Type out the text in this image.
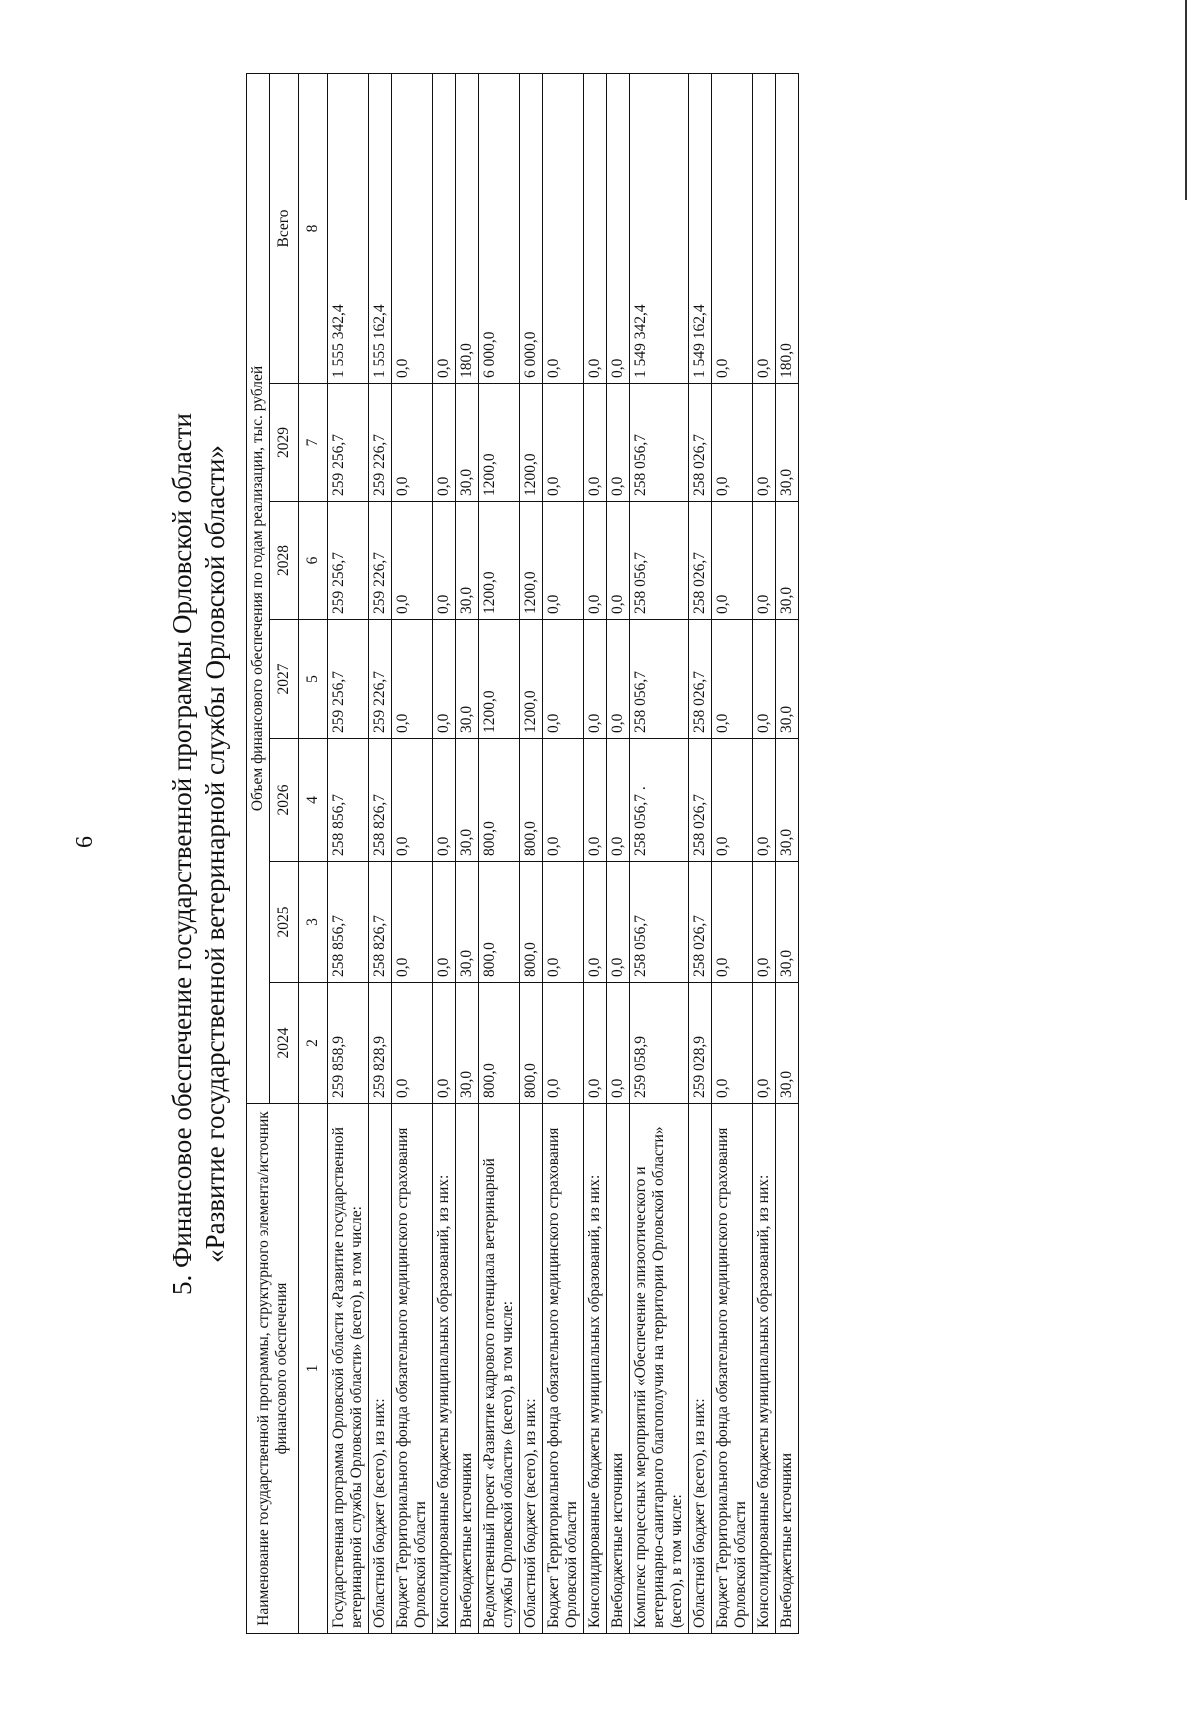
6	5. Финансовое обеспечение государственной программы Орловской области «Развитие государственной ветеринарной службы Орловской области»
Наименование государственной программы, структурного элемента/источник финансового обеспечения	Объем финансового обеспечения по годам реализации, тыс. рублей						
	2024	2025	2026	2027	2028	2029	Всего
1	2	3	4	5	6	7	8
Государственная программа Орловской области «Развитие государственной ветеринарной службы Орловской области» (всего), в том числе:	259 858,9	258 856,7	258 856,7	259 256,7	259 256,7	259 256,7	1 555 342,4
Областной бюджет (всего), из них:	259 828,9	258 826,7	258 826,7	259 226,7	259 226,7	259 226,7	1 555 162,4
Бюджет Территориального фонда обязательного медицинского страхования Орловской области	0,0	0,0	0,0	0,0	0,0	0,0	0,0
Консолидированные бюджеты муниципальных образований, из них:	0,0	0,0	0,0	0,0	0,0	0,0	0,0
Внебюджетные источники	30,0	30,0	30,0	30,0	30,0	30,0	180,0
Ведомственный проект «Развитие кадрового потенциала ветеринарной службы Орловской области» (всего), в том числе:	800,0	800,0	800,0	1200,0	1200,0	1200,0	6 000,0
Областной бюджет (всего), из них:	800,0	800,0	800,0	1200,0	1200,0	1200,0	6 000,0
Бюджет Территориального фонда обязательного медицинского страхования Орловской области	0,0	0,0	0,0	0,0	0,0	0,0	0,0
Консолидированные бюджеты муниципальных образований, из них:	0,0	0,0	0,0	0,0	0,0	0,0	0,0
Внебюджетные источники	0,0	0,0	0,0	0,0	0,0	0,0	0,0
Комплекс процессных мероприятий «Обеспечение эпизоотического и ветеринарно-санитарного благополучия на территории Орловской области» (всего), в том числе:	259 058,9	258 056,7	258 056,7 .	258 056,7	258 056,7	258 056,7	1 549 342,4
Областной бюджет (всего), из них:	259 028,9	258 026,7	258 026,7	258 026,7	258 026,7	258 026,7	1 549 162,4
Бюджет Территориального фонда обязательного медицинского страхования Орловской области	0,0	0,0	0,0	0,0	0,0	0,0	0,0
Консолидированные бюджеты муниципальных образований, из них:	0,0	0,0	0,0	0,0	0,0	0,0	0,0
Внебюджетные источники	30,0	30,0	30,0	30,0	30,0	30,0	180,0
